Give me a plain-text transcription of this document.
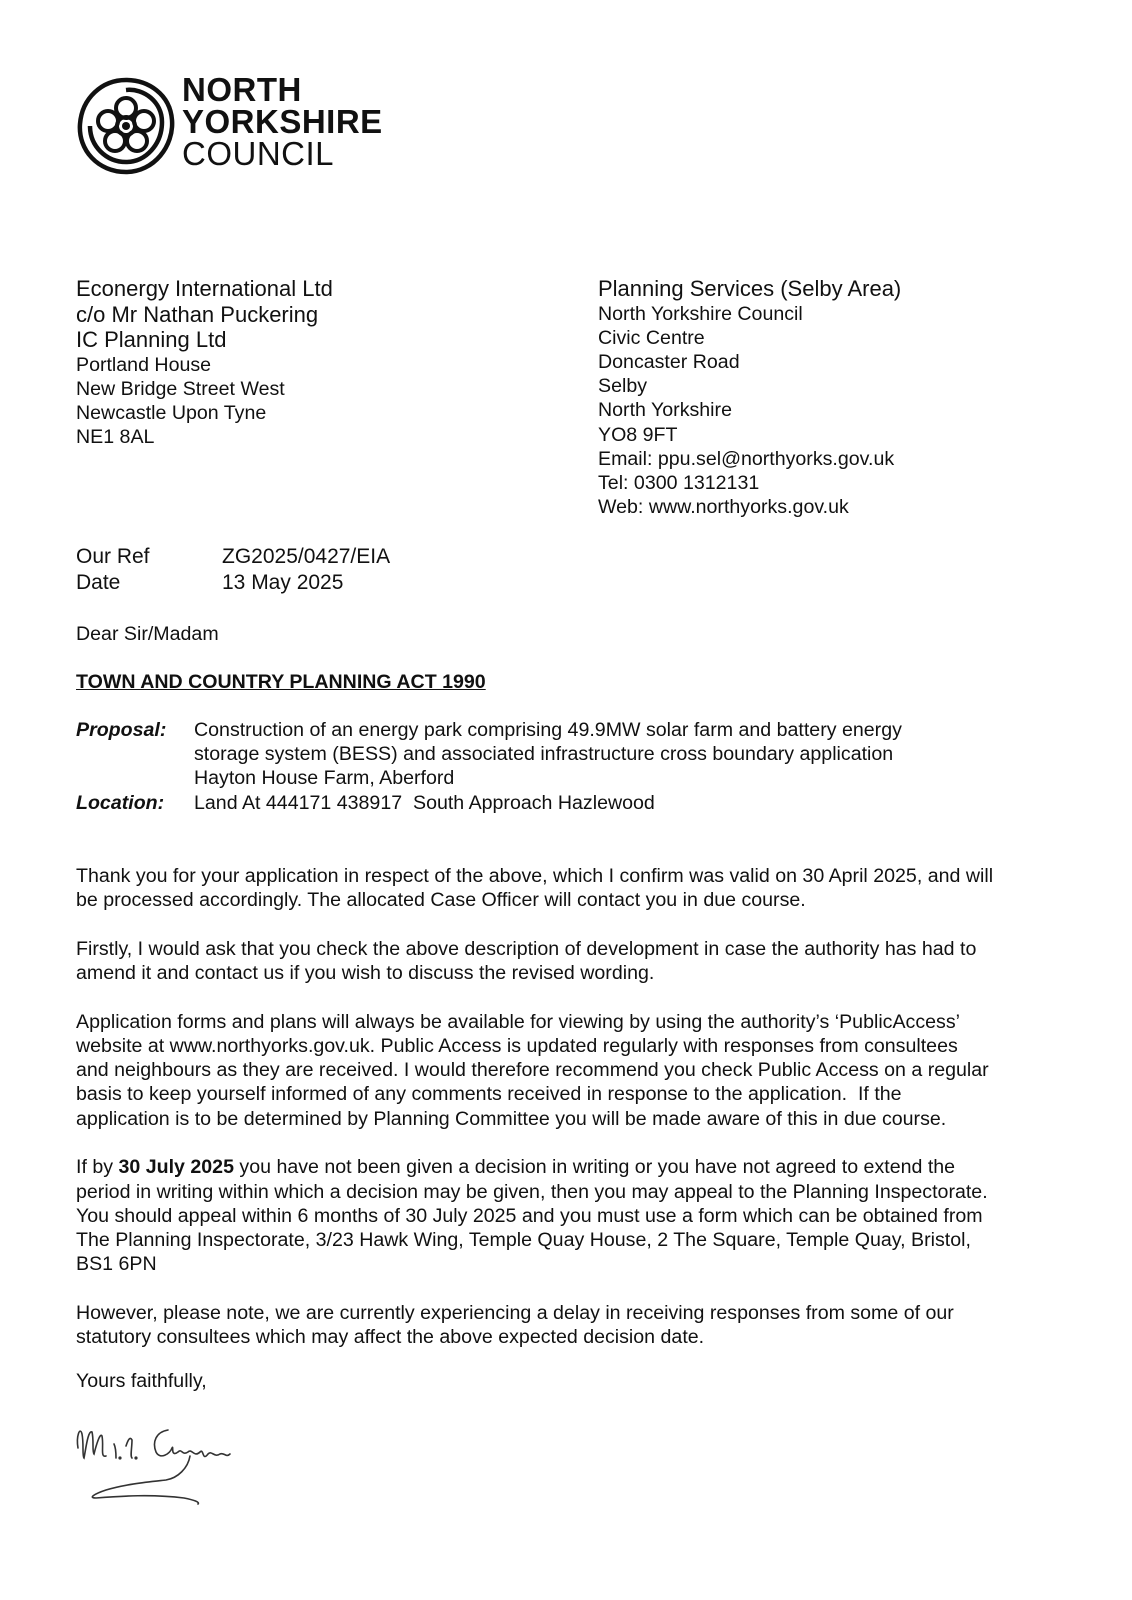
NORTH
YORKSHIRE
COUNCIL
Econergy International Ltd
c/o Mr Nathan Puckering
IC Planning Ltd
Portland House
New Bridge Street West
Newcastle Upon Tyne
NE1 8AL
Planning Services (Selby Area)
North Yorkshire Council
Civic Centre
Doncaster Road
Selby
North Yorkshire
YO8 9FT
Email: ppu.sel@northyorks.gov.uk
Tel: 0300 1312131
Web: www.northyorks.gov.uk
Our Ref	ZG2025/0427/EIA
Date	13 May 2025
Dear Sir/Madam
TOWN AND COUNTRY PLANNING ACT 1990
Proposal:	Construction of an energy park comprising 49.9MW solar farm and battery energy
storage system (BESS) and associated infrastructure cross boundary application
Hayton House Farm, Aberford
Location:	Land At 444171 438917  South Approach Hazlewood
Thank you for your application in respect of the above, which I confirm was valid on 30 April 2025, and will
be processed accordingly. The allocated Case Officer will contact you in due course.
Firstly, I would ask that you check the above description of development in case the authority has had to
amend it and contact us if you wish to discuss the revised wording.
Application forms and plans will always be available for viewing by using the authority’s ‘PublicAccess’
website at www.northyorks.gov.uk. Public Access is updated regularly with responses from consultees
and neighbours as they are received. I would therefore recommend you check Public Access on a regular
basis to keep yourself informed of any comments received in response to the application.  If the
application is to be determined by Planning Committee you will be made aware of this in due course.
If by 30 July 2025 you have not been given a decision in writing or you have not agreed to extend the
period in writing within which a decision may be given, then you may appeal to the Planning Inspectorate.
You should appeal within 6 months of 30 July 2025 and you must use a form which can be obtained from
The Planning Inspectorate, 3/23 Hawk Wing, Temple Quay House, 2 The Square, Temple Quay, Bristol,
BS1 6PN
However, please note, we are currently experiencing a delay in receiving responses from some of our
statutory consultees which may affect the above expected decision date.
Yours faithfully,
